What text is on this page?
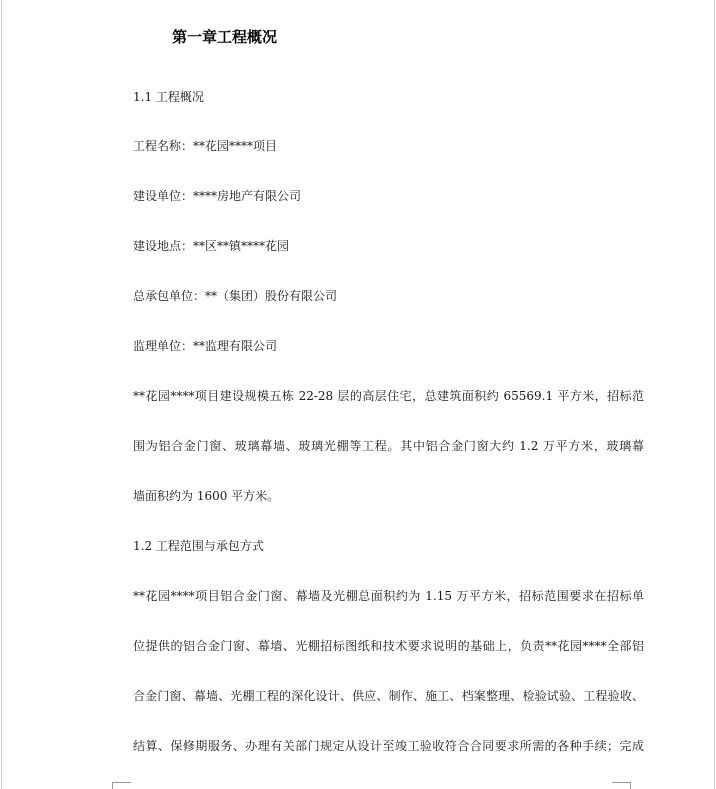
第一章工程概况
1.1 工程概况
工程名称：**花园****项目
建设单位：****房地产有限公司
建设地点：**区**镇****花园
总承包单位：**（集团）股份有限公司
监理单位：**监理有限公司
**花园****项目建设规模五栋 22-28 层的高层住宅，总建筑面积约 65569.1 平方米，招标范
围为铝合金门窗、玻璃幕墙、玻璃光棚等工程。其中铝合金门窗大约 1.2 万平方米，玻璃幕
墙面积约为 1600 平方米。
1.2 工程范围与承包方式
**花园****项目铝合金门窗、幕墙及光棚总面积约为 1.15 万平方米，招标范围要求在招标单
位提供的铝合金门窗、幕墙、光棚招标图纸和技术要求说明的基础上，负责**花园****全部铝
合金门窗、幕墙、光棚工程的深化设计、供应、制作、施工、档案整理、检验试验、工程验收、
结算、保修期服务、办理有关部门规定从设计至竣工验收符合合同要求所需的各种手续；完成
